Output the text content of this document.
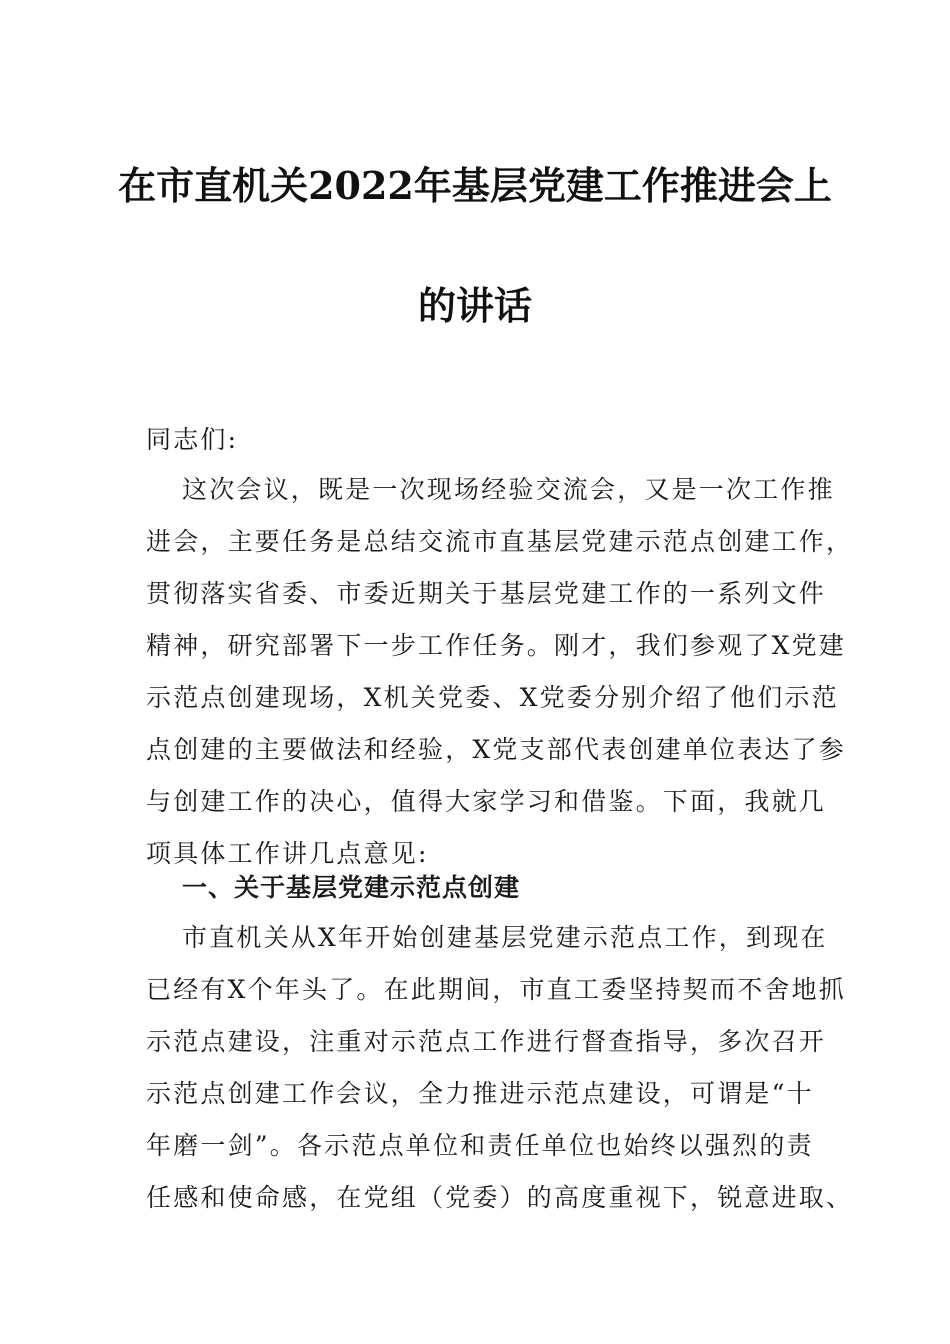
在市直机关2022年基层党建工作推进会上
的讲话
同志们:
这次会议，既是一次现场经验交流会，又是一次工作推
进会，主要任务是总结交流市直基层党建示范点创建工作，
贯彻落实省委、市委近期关于基层党建工作的一系列文件
精神，研究部署下一步工作任务。刚才，我们参观了X党建
示范点创建现场，X机关党委、X党委分别介绍了他们示范
点创建的主要做法和经验，X党支部代表创建单位表达了参
与创建工作的决心，值得大家学习和借鉴。下面，我就几
项具体工作讲几点意见:
一、关于基层党建示范点创建
市直机关从X年开始创建基层党建示范点工作，到现在
已经有X个年头了。在此期间，市直工委坚持契而不舍地抓
示范点建设，注重对示范点工作进行督查指导，多次召开
示范点创建工作会议，全力推进示范点建设，可谓是“十
年磨一剑”。各示范点单位和责任单位也始终以强烈的责
任感和使命感，在党组（党委）的高度重视下，锐意进取、
